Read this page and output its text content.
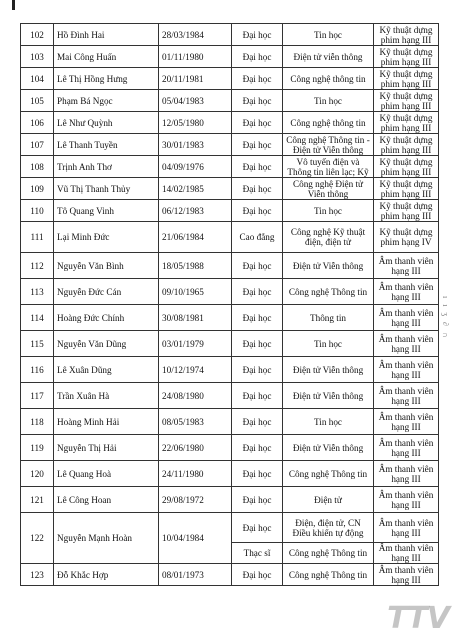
102	Hồ Đình Hai	28/03/1984	Đại học	Tin học	Kỹ thuật dựng phim hạng III
103	Mai Công Huấn	01/11/1980	Đại học	Điện tử viễn thông	Kỹ thuật dựng phim hạng III
104	Lê Thị Hồng Hưng	20/11/1981	Đại học	Công nghệ thông tin	Kỹ thuật dựng phim hạng III
105	Phạm Bá Ngọc	05/04/1983	Đại học	Tin học	Kỹ thuật dựng phim hạng III
106	Lê Như Quỳnh	12/05/1980	Đại học	Công nghệ thông tin	Kỹ thuật dựng phim hạng III
107	Lê Thanh Tuyền	30/01/1983	Đại học	Công nghệ Thông tin - Điện tử Viễn thông	Kỹ thuật dựng phim hạng III
108	Trịnh Anh Thơ	04/09/1976	Đại học	Vô tuyến điện và Thông tin liên lạc; Kỹ	Kỹ thuật dựng phim hạng III
109	Vũ Thị Thanh Thủy	14/02/1985	Đại học	Công nghệ Điện tử Viễn thông	Kỹ thuật dựng phim hạng III
110	Tô Quang Vinh	06/12/1983	Đại học	Tin học	Kỹ thuật dựng phim hạng III
111	Lại Minh Đức	21/06/1984	Cao đẳng	Công nghệ Kỹ thuật điện, điện tử	Kỹ thuật dựng phim hạng IV
112	Nguyễn Văn Bình	18/05/1988	Đại học	Điện tử Viễn thông	Âm thanh viên hạng III
113	Nguyễn Đức Cán	09/10/1965	Đại học	Công nghệ Thông tin	Âm thanh viên hạng III
114	Hoàng Đức Chính	30/08/1981	Đại học	Thông tin	Âm thanh viên hạng III
115	Nguyễn Văn Dũng	03/01/1979	Đại học	Tin học	Âm thanh viên hạng III
116	Lê Xuân Dũng	10/12/1974	Đại học	Điện tử Viễn thông	Âm thanh viên hạng III
117	Trần Xuân Hà	24/08/1980	Đại học	Điện tử Viễn thông	Âm thanh viên hạng III
118	Hoàng Minh Hải	08/05/1983	Đại học	Tin học	Âm thanh viên hạng III
119	Nguyễn Thị Hải	22/06/1980	Đại học	Điện tử Viễn thông	Âm thanh viên hạng III
120	Lê Quang Hoà	24/11/1980	Đại học	Công nghệ Thông tin	Âm thanh viên hạng III
121	Lê Công Hoan	29/08/1972	Đại học	Điện tử	Âm thanh viên hạng III
122	Nguyễn Mạnh Hoàn	10/04/1984	Đại học	Điện, điện tử, CN Điều khiển tự động	Âm thanh viên hạng III
			Thạc sĩ	Công nghệ Thông tin	Âm thanh viên hạng III
123	Đỗ Khắc Hợp	08/01/1973	Đại học	Công nghệ Thông tin	Âm thanh viên hạng III
ı ı ʒ ∂ ∩
TTV
